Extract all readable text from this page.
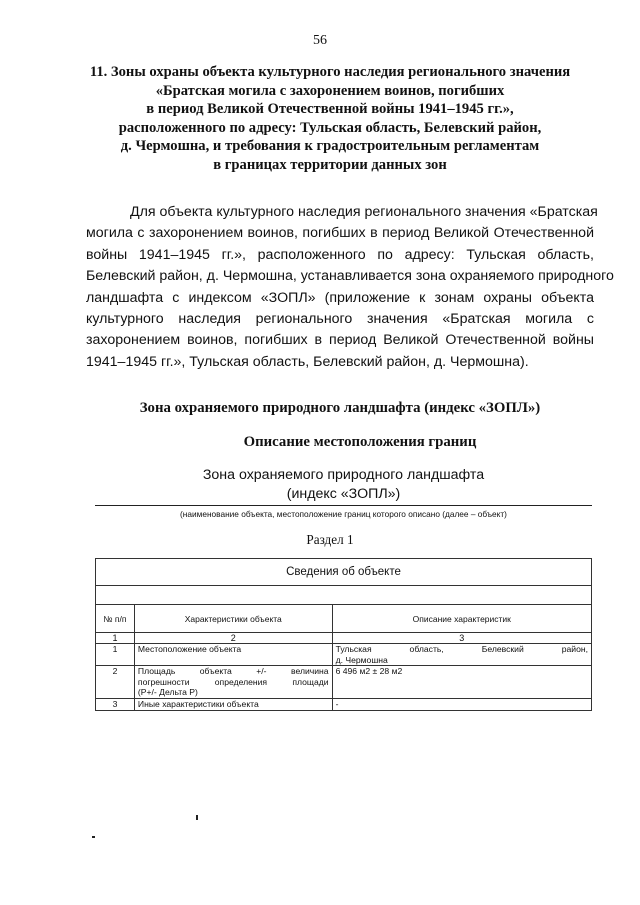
56
11. Зоны охраны объекта культурного наследия регионального значения
«Братская могила с захоронением воинов, погибших
в период Великой Отечественной войны 1941–1945 гг.»,
расположенного по адресу: Тульская область, Белевский район,
д. Чермошна, и требования к градостроительным регламентам
в границах территории данных зон
Для объекта культурного наследия регионального значения «Братская
могила с захоронением воинов, погибших в период Великой Отечественной
войны 1941–1945 гг.», расположенного по адресу: Тульская область,
Белевский район, д. Чермошна, устанавливается зона охраняемого природного
ландшафта с индексом «ЗОПЛ» (приложение к зонам охраны объекта
культурного наследия регионального значения «Братская могила с
захоронением воинов, погибших в период Великой Отечественной войны
1941–1945 гг.», Тульская область, Белевский район, д. Чермошна).
Зона охраняемого природного ландшафта (индекс «ЗОПЛ»)
Описание местоположения границ
Зона охраняемого природного ландшафта
(индекс «ЗОПЛ»)
(наименование объекта, местоположение границ которого описано (далее – объект)
Раздел 1
Сведения об объекте		

№ п/п	Характеристики объекта	Описание характеристик
1	2	3
1	Местоположение объекта	Тульская область, Белевский район,
д. Чермошна

2	Площадь объекта +/- величина
погрешности определения площади
(P+/- Дельта P)	6 496 м2 ± 28 м2
3	Иные характеристики объекта	-
